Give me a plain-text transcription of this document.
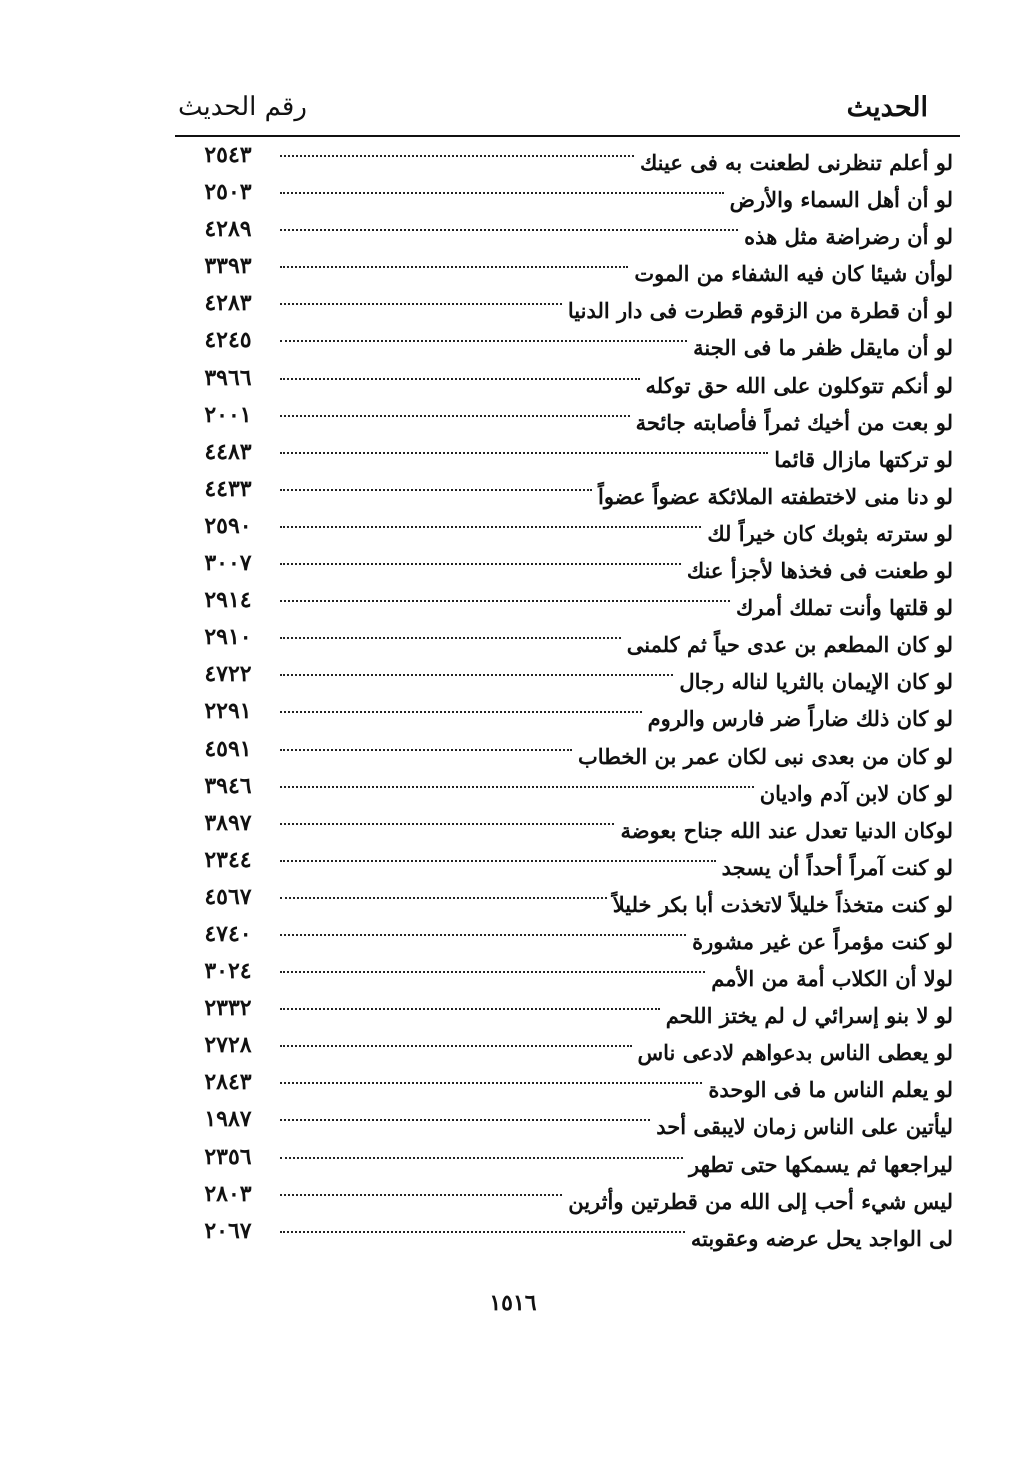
الحديث
رقم الحديث
٢٥٤٣	لو أعلم تنظرنى لطعنت به فى عينك
٢٥٠٣	لو أن أهل السماء والأرض
٤٢٨٩	لو أن رضراضة مثل هذه
٣٣٩٣	لوأن شيئا كان فيه الشفاء من الموت
٤٢٨٣	لو أن قطرة من الزقوم قطرت فى دار الدنيا
٤٢٤٥	لو أن مايقل ظفر ما فى الجنة
٣٩٦٦	لو أنكم تتوكلون على الله حق توكله
٢٠٠١	لو بعت من أخيك ثمراً فأصابته جائحة
٤٤٨٣	لو تركتها مازال قائما
٤٤٣٣	لو دنا منى لاختطفته الملائكة عضواً عضواً
٢٥٩٠	لو سترته بثوبك كان خيراً لك
٣٠٠٧	لو طعنت فى فخذها لأجزأ عنك
٢٩١٤	لو قلتها وأنت تملك أمرك
٢٩١٠	لو كان المطعم بن عدى حياً ثم كلمنى
٤٧٢٢	لو كان الإيمان بالثريا لناله رجال
٢٢٩١	لو كان ذلك ضاراً ضر فارس والروم
٤٥٩١	لو كان من بعدى نبى لكان عمر بن الخطاب
٣٩٤٦	لو كان لابن آدم واديان
٣٨٩٧	لوكان الدنيا تعدل عند الله جناح بعوضة
٢٣٤٤	لو كنت آمراً أحداً أن يسجد
٤٥٦٧	لو كنت متخذاً خليلاً لاتخذت أبا بكر خليلاً
٤٧٤٠	لو كنت مؤمراً عن غير مشورة
٣٠٢٤	لولا أن الكلاب أمة من الأمم
٢٣٣٢	لو لا بنو إسرائي ل لم يختز اللحم
٢٧٢٨	لو يعطى الناس بدعواهم لادعى ناس
٢٨٤٣	لو يعلم الناس ما فى الوحدة
١٩٨٧	ليأتين على الناس زمان لايبقى أحد
٢٣٥٦	ليراجعها ثم يسمكها حتى تطهر
٢٨٠٣	ليس شيء أحب إلى الله من قطرتين وأثرين
٢٠٦٧	لى الواجد يحل عرضه وعقوبته
١٥١٦
